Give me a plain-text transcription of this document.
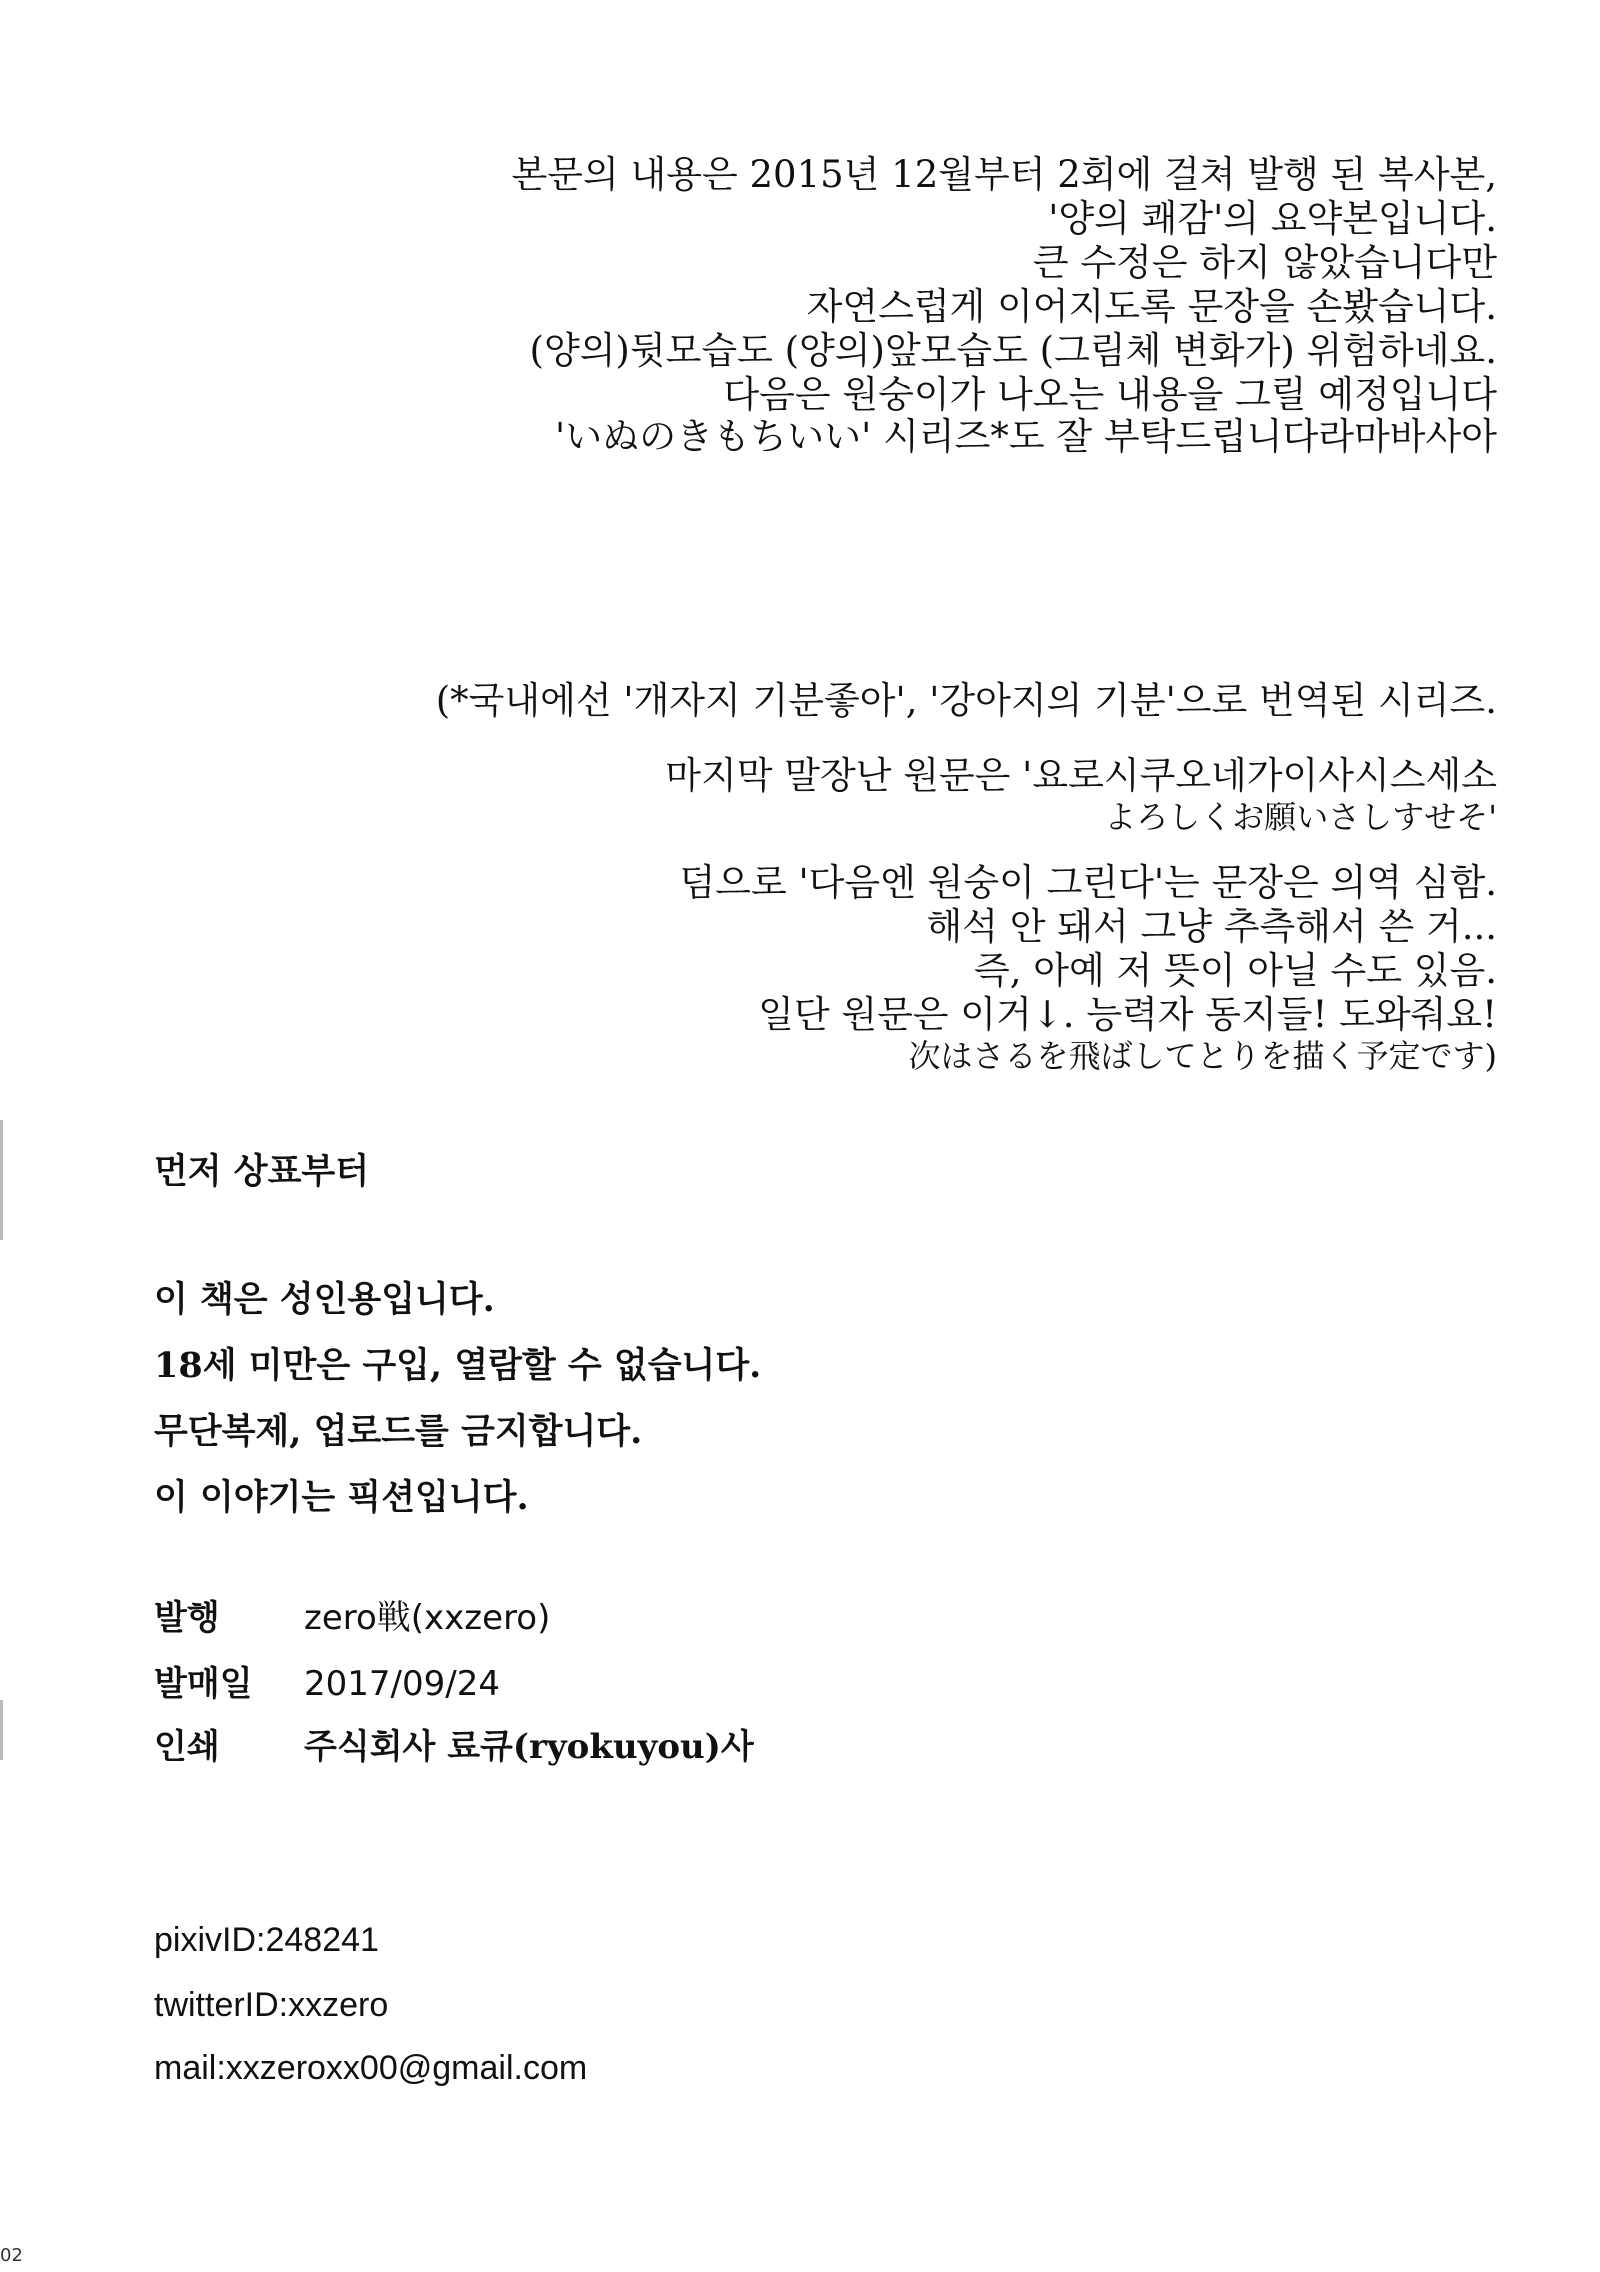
본문의 내용은 2015년 12월부터 2회에 걸쳐 발행 된 복사본,
'양의 쾌감'의 요약본입니다.
큰 수정은 하지 않았습니다만
자연스럽게 이어지도록 문장을 손봤습니다.
(양의)뒷모습도 (양의)앞모습도 (그림체 변화가) 위험하네요.
다음은 원숭이가 나오는 내용을 그릴 예정입니다
'いぬのきもちいい' 시리즈*도 잘 부탁드립니다라마바사아
(*국내에선 '개자지 기분좋아', '강아지의 기분'으로 번역된 시리즈.
마지막 말장난 원문은 '요로시쿠오네가이사시스세소
よろしくお願いさしすせそ'
덤으로 '다음엔 원숭이 그린다'는 문장은 의역 심함.
해석 안 돼서 그냥 추측해서 쓴 거...
즉, 아예 저 뜻이 아닐 수도 있음.
일단 원문은 이거↓. 능력자 동지들! 도와줘요!
次はさるを飛ばしてとりを描く予定です)
먼저 상표부터
이 책은 성인용입니다.
18세 미만은 구입, 열람할 수 없습니다.
무단복제, 업로드를 금지합니다.
이 이야기는 픽션입니다.
발행 zero戦(xxzero)
발매일 2017/09/24
인쇄 주식회사 료큐(ryokuyou)사
pixivID:248241
twitterID:xxzero
mail:xxzeroxx00@gmail.com
02
